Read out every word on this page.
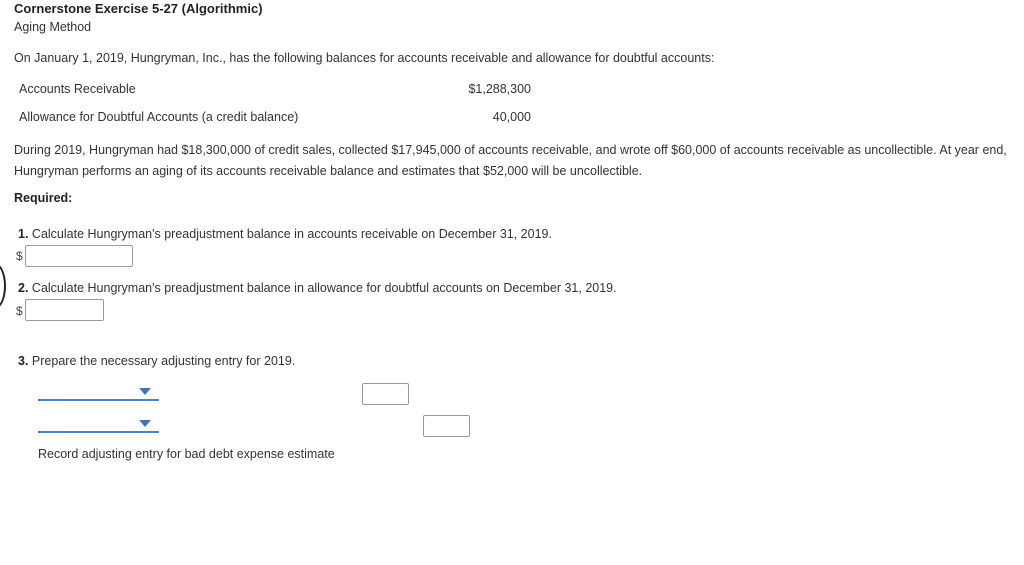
Cornerstone Exercise 5-27 (Algorithmic)
Aging Method
On January 1, 2019, Hungryman, Inc., has the following balances for accounts receivable and allowance for doubtful accounts:
Accounts Receivable	$1,288,300
Allowance for Doubtful Accounts (a credit balance)	40,000
During 2019, Hungryman had $18,300,000 of credit sales, collected $17,945,000 of accounts receivable, and wrote off $60,000 of accounts receivable as uncollectible. At year end, Hungryman performs an aging of its accounts receivable balance and estimates that $52,000 will be uncollectible.
Required:
1. Calculate Hungryman's preadjustment balance in accounts receivable on December 31, 2019.
$
2. Calculate Hungryman's preadjustment balance in allowance for doubtful accounts on December 31, 2019.
$
3. Prepare the necessary adjusting entry for 2019.
Record adjusting entry for bad debt expense estimate
